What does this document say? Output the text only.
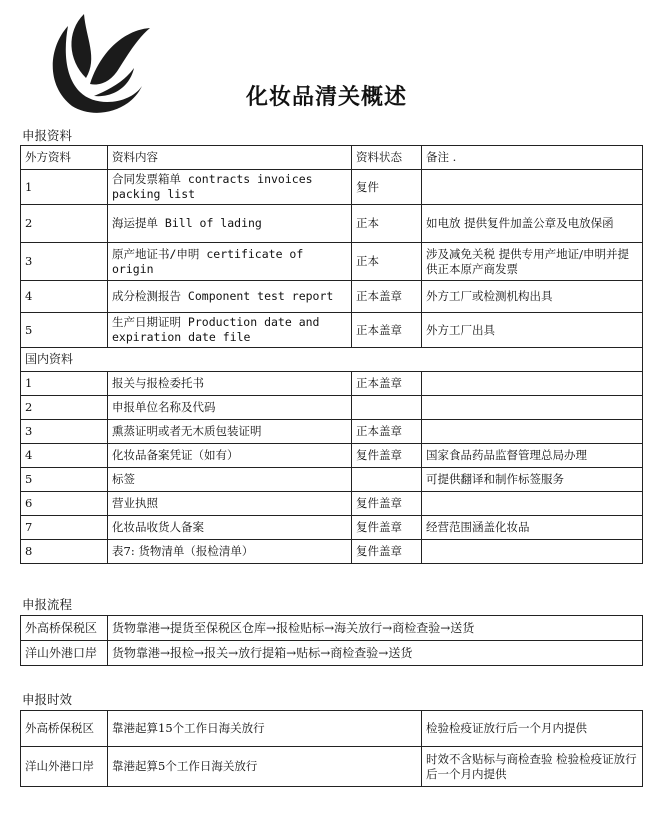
化妆品清关概述
申报资料
外方资料	资料内容	资料状态	备注 .
1	合同发票箱单 contracts invoices packing list	复件	
2	海运提单 Bill of lading	正本	如电放 提供复件加盖公章及电放保函
3	原产地证书/申明 certificate of origin	正本	涉及减免关税 提供专用产地证/申明并提供正本原产商发票
4	成分检测报告 Component test report	正本盖章	外方工厂或检测机构出具
5	生产日期证明 Production date and expiration date file	正本盖章	外方工厂出具
国内资料			
1	报关与报检委托书	正本盖章	
2	申报单位名称及代码		
3	熏蒸证明或者无木质包装证明	正本盖章	
4	化妆品备案凭证（如有）	复件盖章	国家食品药品监督管理总局办理
5	标签		可提供翻译和制作标签服务
6	营业执照	复件盖章	
7	化妆品收货人备案	复件盖章	经营范围涵盖化妆品
8	表7: 货物清单（报检清单）	复件盖章	
申报流程
外高桥保税区	货物靠港→提货至保税区仓库→报检贴标→海关放行→商检查验→送货
洋山外港口岸	货物靠港→报检→报关→放行提箱→贴标→商检查验→送货
申报时效
外高桥保税区	靠港起算15个工作日海关放行	检验检疫证放行后一个月内提供
洋山外港口岸	靠港起算5个工作日海关放行	时效不含贴标与商检查验 检验检疫证放行后一个月内提供
